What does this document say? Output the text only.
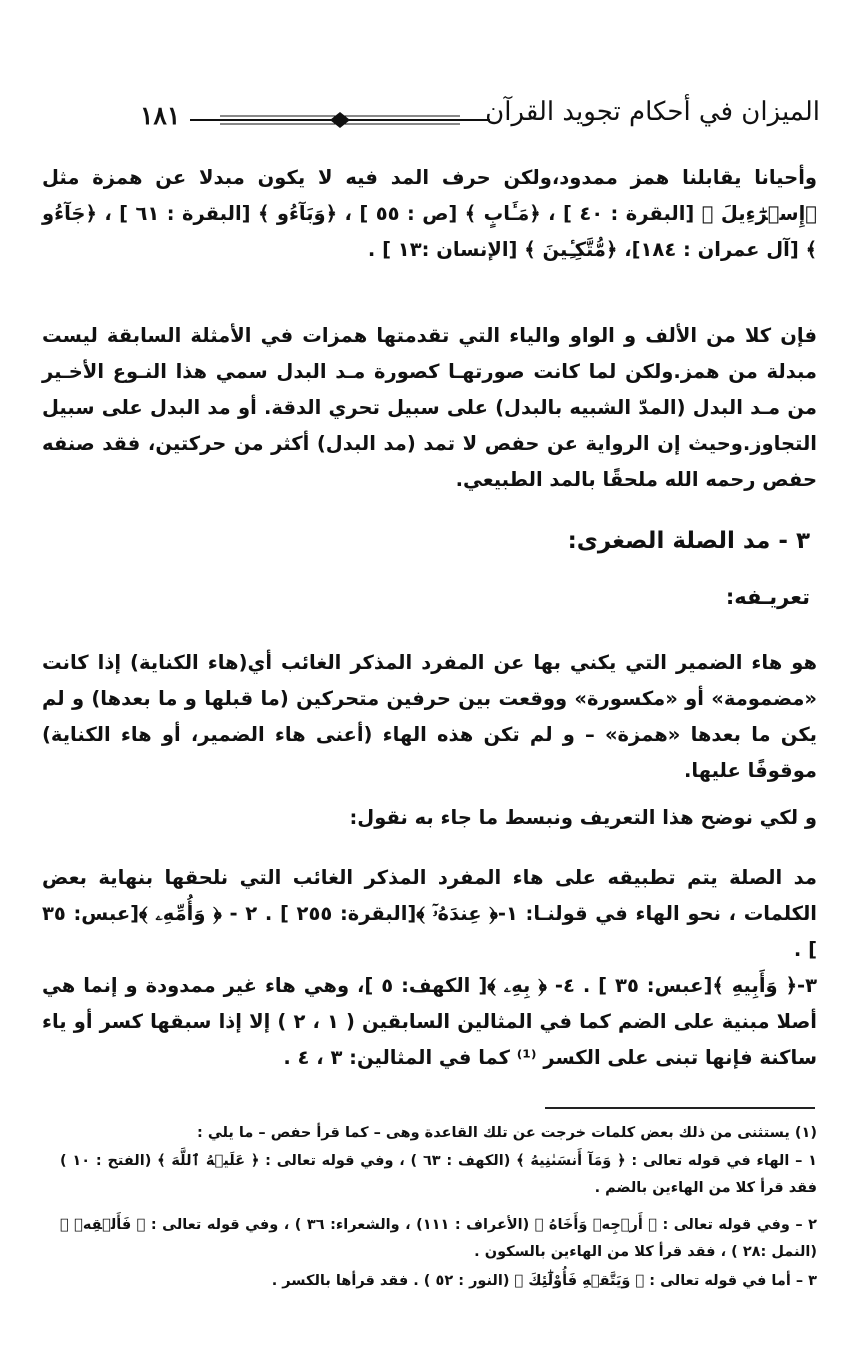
١٨١	الميزان في أحكام تجويد القرآن

وأحيانا يقابلنا همز ممدود،ولكن حرف المد فيه لا يكون مبدلا عن همزة مثل ﴿إِسۡرَٰٓءِيلَ ﴾ [البقرة : ٤٠ ] ، ﴿مَـَٔابٍ ﴾ [ص : ٥٥ ] ، ﴿وَبَآءُو ﴾ [البقرة : ٦١ ] ، ﴿جَآءُو ﴾ [آل عمران : ١٨٤]، ﴿مُّتَّكِـِٔينَ ﴾ [الإنسان :١٣ ] .

فإن كلا من الألف و الواو والياء التي تقدمتها همزات في الأمثلة السابقة ليست مبدلة من همز.ولكن لما كانت صورتهـا كصورة مـد البدل سمي هذا النـوع الأخـير من مـد البدل (المدّ الشبيه بالبدل) على سبيل تحري الدقة. أو مد البدل على سبيل التجاوز.وحيث إن الرواية عن حفص لا تمد (مد البدل) أكثر من حركتين، فقد صنفه حفص رحمه الله ملحقًا بالمد الطبيعي.

٣ - مد الصلة الصغرى:
تعريـفه:

هو هاء الضمير التي يكني بها عن المفرد المذكر الغائب أي(هاء الكناية) إذا كانت «مضمومة» أو «مكسورة» ووقعت بين حرفين متحركين (ما قبلها و ما بعدها) و لم يكن ما بعدها «همزة» – و لم تكن هذه الهاء (أعنى هاء الضمير، أو هاء الكناية) موقوفًا عليها.

و لكي نوضح هذا التعريف ونبسط ما جاء به نقول:

مد الصلة يتم تطبيقه على هاء المفرد المذكر الغائب التي نلحقها بنهاية بعض الكلمات ، نحو الهاء في قولنـا: ١-﴿ عِندَهُۥٓ ﴾[البقرة: ٢٥٥ ] . ٢ - ﴿ وَأُمِّهِۦ ﴾[عبس: ٣٥ ] .

٣-﴿ وَأَبِيهِ ﴾[عبس: ٣٥ ] . ٤- ﴿ بِهِۦ ﴾[ الكهف: ٥ ]، وهي هاء غير ممدودة و إنما هي أصلا مبنية على الضم كما في المثالين السابقين ( ١ ، ٢ ) إلا إذا سبقها كسر أو ياء ساكنة فإنها تبنى على الكسر ⁽¹⁾ كما في المثالين: ٣ ، ٤ .

(١) يستثنى من ذلك بعض كلمات خرجت عن تلك القاعدة وهى – كما قرأ حفص – ما يلي :

١ – الهاء في قوله تعالى : ﴿ وَمَآ أَنسَىٰنِيهُ ﴾ (الكهف : ٦٣ ) ، وفي قوله تعالى : ﴿ عَلَيۡهُ ٱللَّهَ ﴾ (الفتح : ١٠ ) فقد قرأ كلا من الهاءين بالضم .

٢ – وفي قوله تعالى : ﴿ أَرۡجِهۡ وَأَخَاهُ ﴾ (الأعراف : ١١١) ، والشعراء: ٣٦ ) ، وفي قوله تعالى : ﴿ فَأَلۡقِهۡ ﴾ (النمل :٢٨ ) ، فقد قرأ كلا من الهاءين بالسكون .

٣ – أما في قوله تعالى : ﴿ وَيَتَّقۡهِ فَأُوْلَٰٓئِكَ ﴾ (النور : ٥٢ ) . فقد قرأها بالكسر .
